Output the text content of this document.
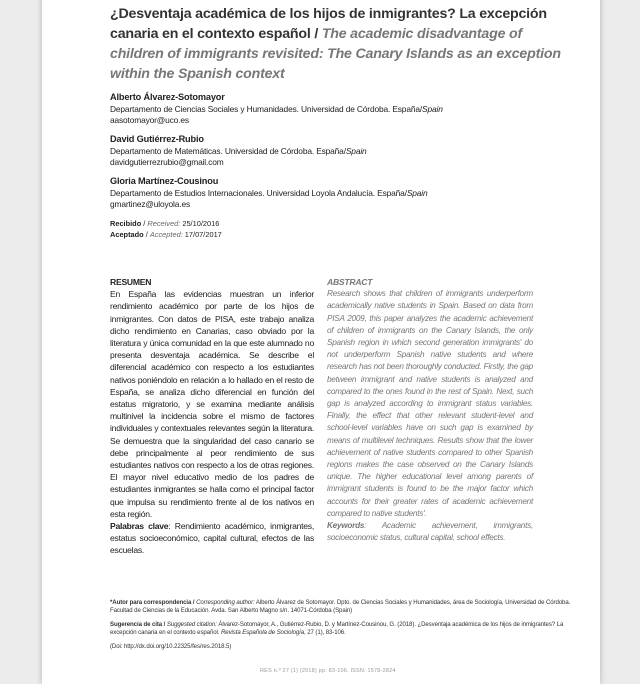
¿Desventaja académica de los hijos de inmigrantes? La excepción canaria en el contexto español / The academic disadvantage of children of immigrants revisited: The Canary Islands as an exception within the Spanish context
Alberto Álvarez-Sotomayor
Departamento de Ciencias Sociales y Humanidades. Universidad de Córdoba. España/Spain
aasotomayor@uco.es
David Gutiérrez-Rubio
Departamento de Matemáticas. Universidad de Córdoba. España/Spain
davidgutierrezrubio@gmail.com
Gloria Martínez-Cousinou
Departamento de Estudios Internacionales. Universidad Loyola Andalucía. España/Spain
gmartinez@uloyola.es
Recibido / Received: 25/10/2016
Aceptado / Accepted: 17/07/2017
RESUMEN
En España las evidencias muestran un inferior rendimiento académico por parte de los hijos de inmigrantes. Con datos de PISA, este trabajo analiza dicho rendimiento en Canarias, caso obviado por la literatura y única comunidad en la que este alumnado no presenta desventaja académica. Se describe el diferencial académico con respecto a los estudiantes nativos poniéndolo en relación a lo hallado en el resto de España, se analiza dicho diferencial en función del estatus migratorio, y se examina mediante análisis multinivel la incidencia sobre el mismo de factores individuales y contextuales relevantes según la literatura. Se demuestra que la singularidad del caso canario se debe principalmente al peor rendimiento de sus estudiantes nativos con respecto a los de otras regiones. El mayor nivel educativo medio de los padres de estudiantes inmigrantes se halla como el principal factor que impulsa su rendimiento frente al de los nativos en esta región.
Palabras clave: Rendimiento académico, inmigrantes, estatus socioeconómico, capital cultural, efectos de las escuelas.
ABSTRACT
Research shows that children of immigrants underperform academically native students in Spain. Based on data from PISA 2009, this paper analyzes the academic achievement of children of immigrants on the Canary Islands, the only Spanish region in which second generation immigrants' do not underperform Spanish native students and where research has not been thoroughly conducted. Firstly, the gap between immigrant and native students is analyzed and compared to the ones found in the rest of Spain. Next, such gap is analyzed according to immigrant status variables. Finally, the effect that other relevant student-level and school-level variables have on such gap is examined by means of multilevel techniques. Results show that the lower achievement of native students compared to other Spanish regions makes the case observed on the Canary Islands unique. The higher educational level among parents of immigrant students is found to be the major factor which accounts for their greater rates of academic achievement compared to native students'.
Keywords: Academic achievement, immigrants, socioeconomic status, cultural capital, school effects.

*Autor para correspondencia / Corresponding author: Alberto Álvarez de Sotomayor. Dpto. de Ciencias Sociales y Humanidades, área de Sociología, Universidad de Córdoba. Facultad de Ciencias de la Educación. Avda. San Alberto Magno s/n. 14071-Córdoba (Spain)

Sugerencia de cita / Suggested citation: Álvarez-Sotomayor, A., Gutiérrez-Rubio, D. y Martínez-Cousinou, G. (2018). ¿Desventaja académica de los hijos de inmigrantes? La excepción canaria en el contexto español. Revista Española de Sociología, 27 (1), 83-106.

(Doi: http://dx.doi.org/10.22325/fes/res.2018.5)

RES n.º 27 (1) (2018) pp. 83-106. ISSN: 1578-2824
